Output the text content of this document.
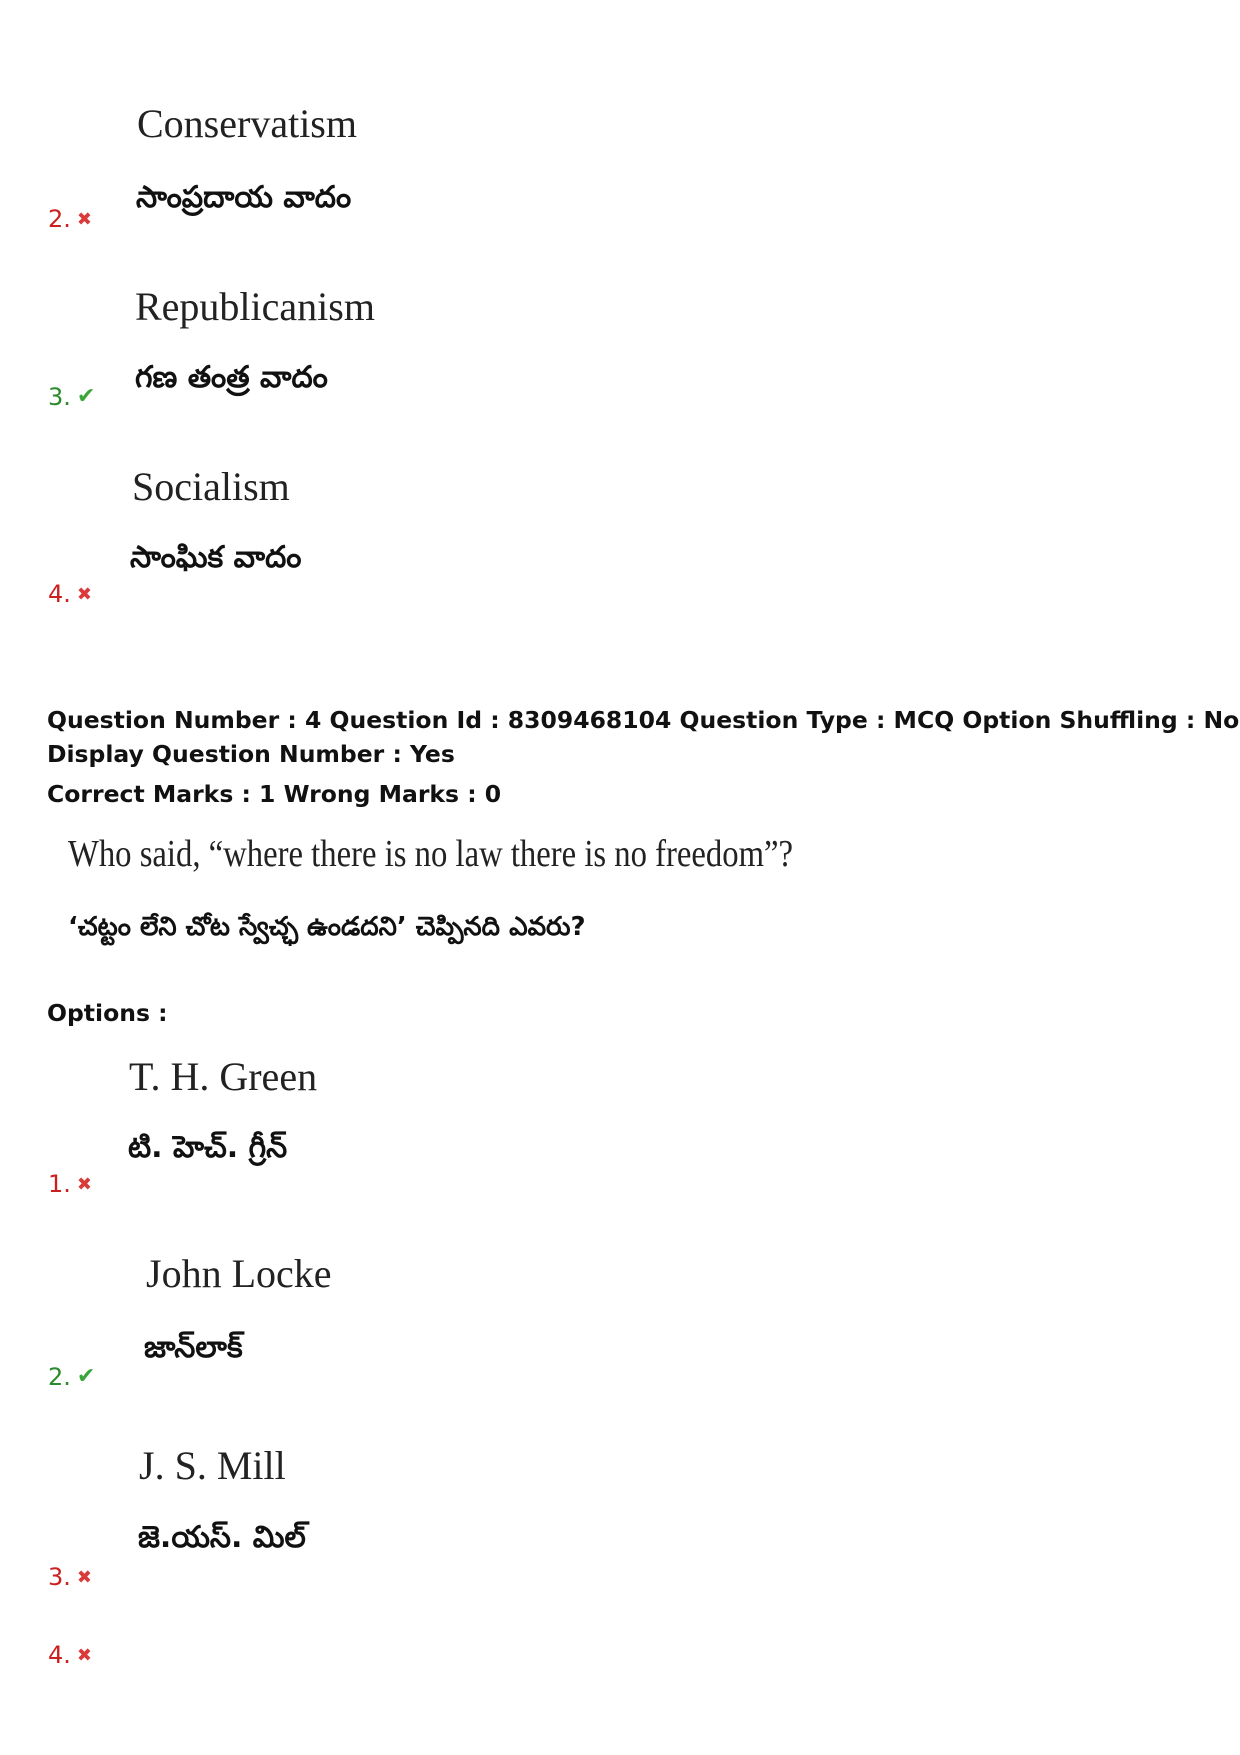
Conservatism
సాంప్రదాయ వాదం
2. ✖
Republicanism
గణ తంత్ర వాదం
3. ✔
Socialism
సాంఘిక వాదం
4. ✖
Question Number : 4 Question Id : 8309468104 Question Type : MCQ Option Shuffling : No
Display Question Number : Yes
Correct Marks : 1 Wrong Marks : 0
Who said, “where there is no law there is no freedom”?
‘చట్టం లేని చోట స్వేచ్ఛ ఉండదని’ చెప్పినది ఎవరు?
Options :
T. H. Green
టి. హెచ్. గ్రీన్
1. ✖
John Locke
జాన్‌లాక్
2. ✔
J. S. Mill
జె.యస్. మిల్
3. ✖
4. ✖
